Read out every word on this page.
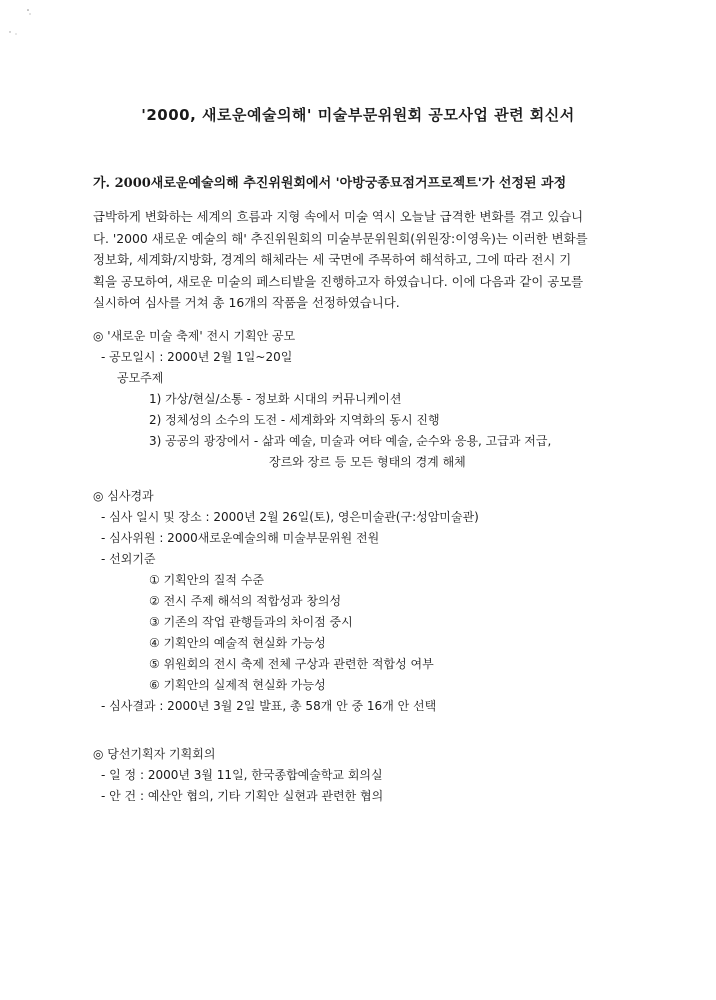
'2000, 새로운예술의해' 미술부문위원회 공모사업 관련 회신서
가. 2000새로운예술의해 추진위원회에서 '아방궁종묘점거프로젝트'가 선정된 과정

급박하게 변화하는 세계의 흐름과 지형 속에서 미술 역시 오늘날 급격한 변화를 겪고 있습니

다. '2000 새로운 예술의 해' 추진위원회의 미술부문위원회(위원장:이영욱)는 이러한 변화를

정보화, 세계화/지방화, 경계의 해체라는 세 국면에 주목하여 해석하고, 그에 따라 전시 기

획을 공모하여, 새로운 미술의 페스티발을 진행하고자 하였습니다. 이에 다음과 같이 공모를

실시하여 심사를 거쳐 총 16개의 작품을 선정하였습니다.

◎ '새로운 미술 축제' 전시 기획안 공모
- 공모일시 : 2000년 2월 1일~20일
공모주제
1) 가상/현실/소통 - 정보화 시대의 커뮤니케이션
2) 정체성의 소수의 도전 - 세계화와 지역화의 동시 진행
3) 공공의 광장에서 - 삶과 예술, 미술과 여타 예술, 순수와 응용, 고급과 저급,
장르와 장르 등 모든 형태의 경계 해체
◎ 심사경과
- 심사 일시 및 장소 : 2000년 2월 26일(토), 영은미술관(구:성암미술관)
- 심사위원 : 2000새로운예술의해 미술부문위원 전원
- 선외기준
① 기획안의 질적 수준
② 전시 주제 해석의 적합성과 창의성
③ 기존의 작업 관행들과의 차이점 중시
④ 기획안의 예술적 현실화 가능성
⑤ 위원회의 전시 축제 전체 구상과 관련한 적합성 여부
⑥ 기획안의 실제적 현실화 가능성
- 심사결과 : 2000년 3월 2일 발표, 총 58개 안 중 16개 안 선택
◎ 당선기획자 기획회의
- 일 정 : 2000년 3월 11일, 한국종합예술학교 회의실
- 안 건 : 예산안 협의, 기타 기획안 실현과 관련한 협의
